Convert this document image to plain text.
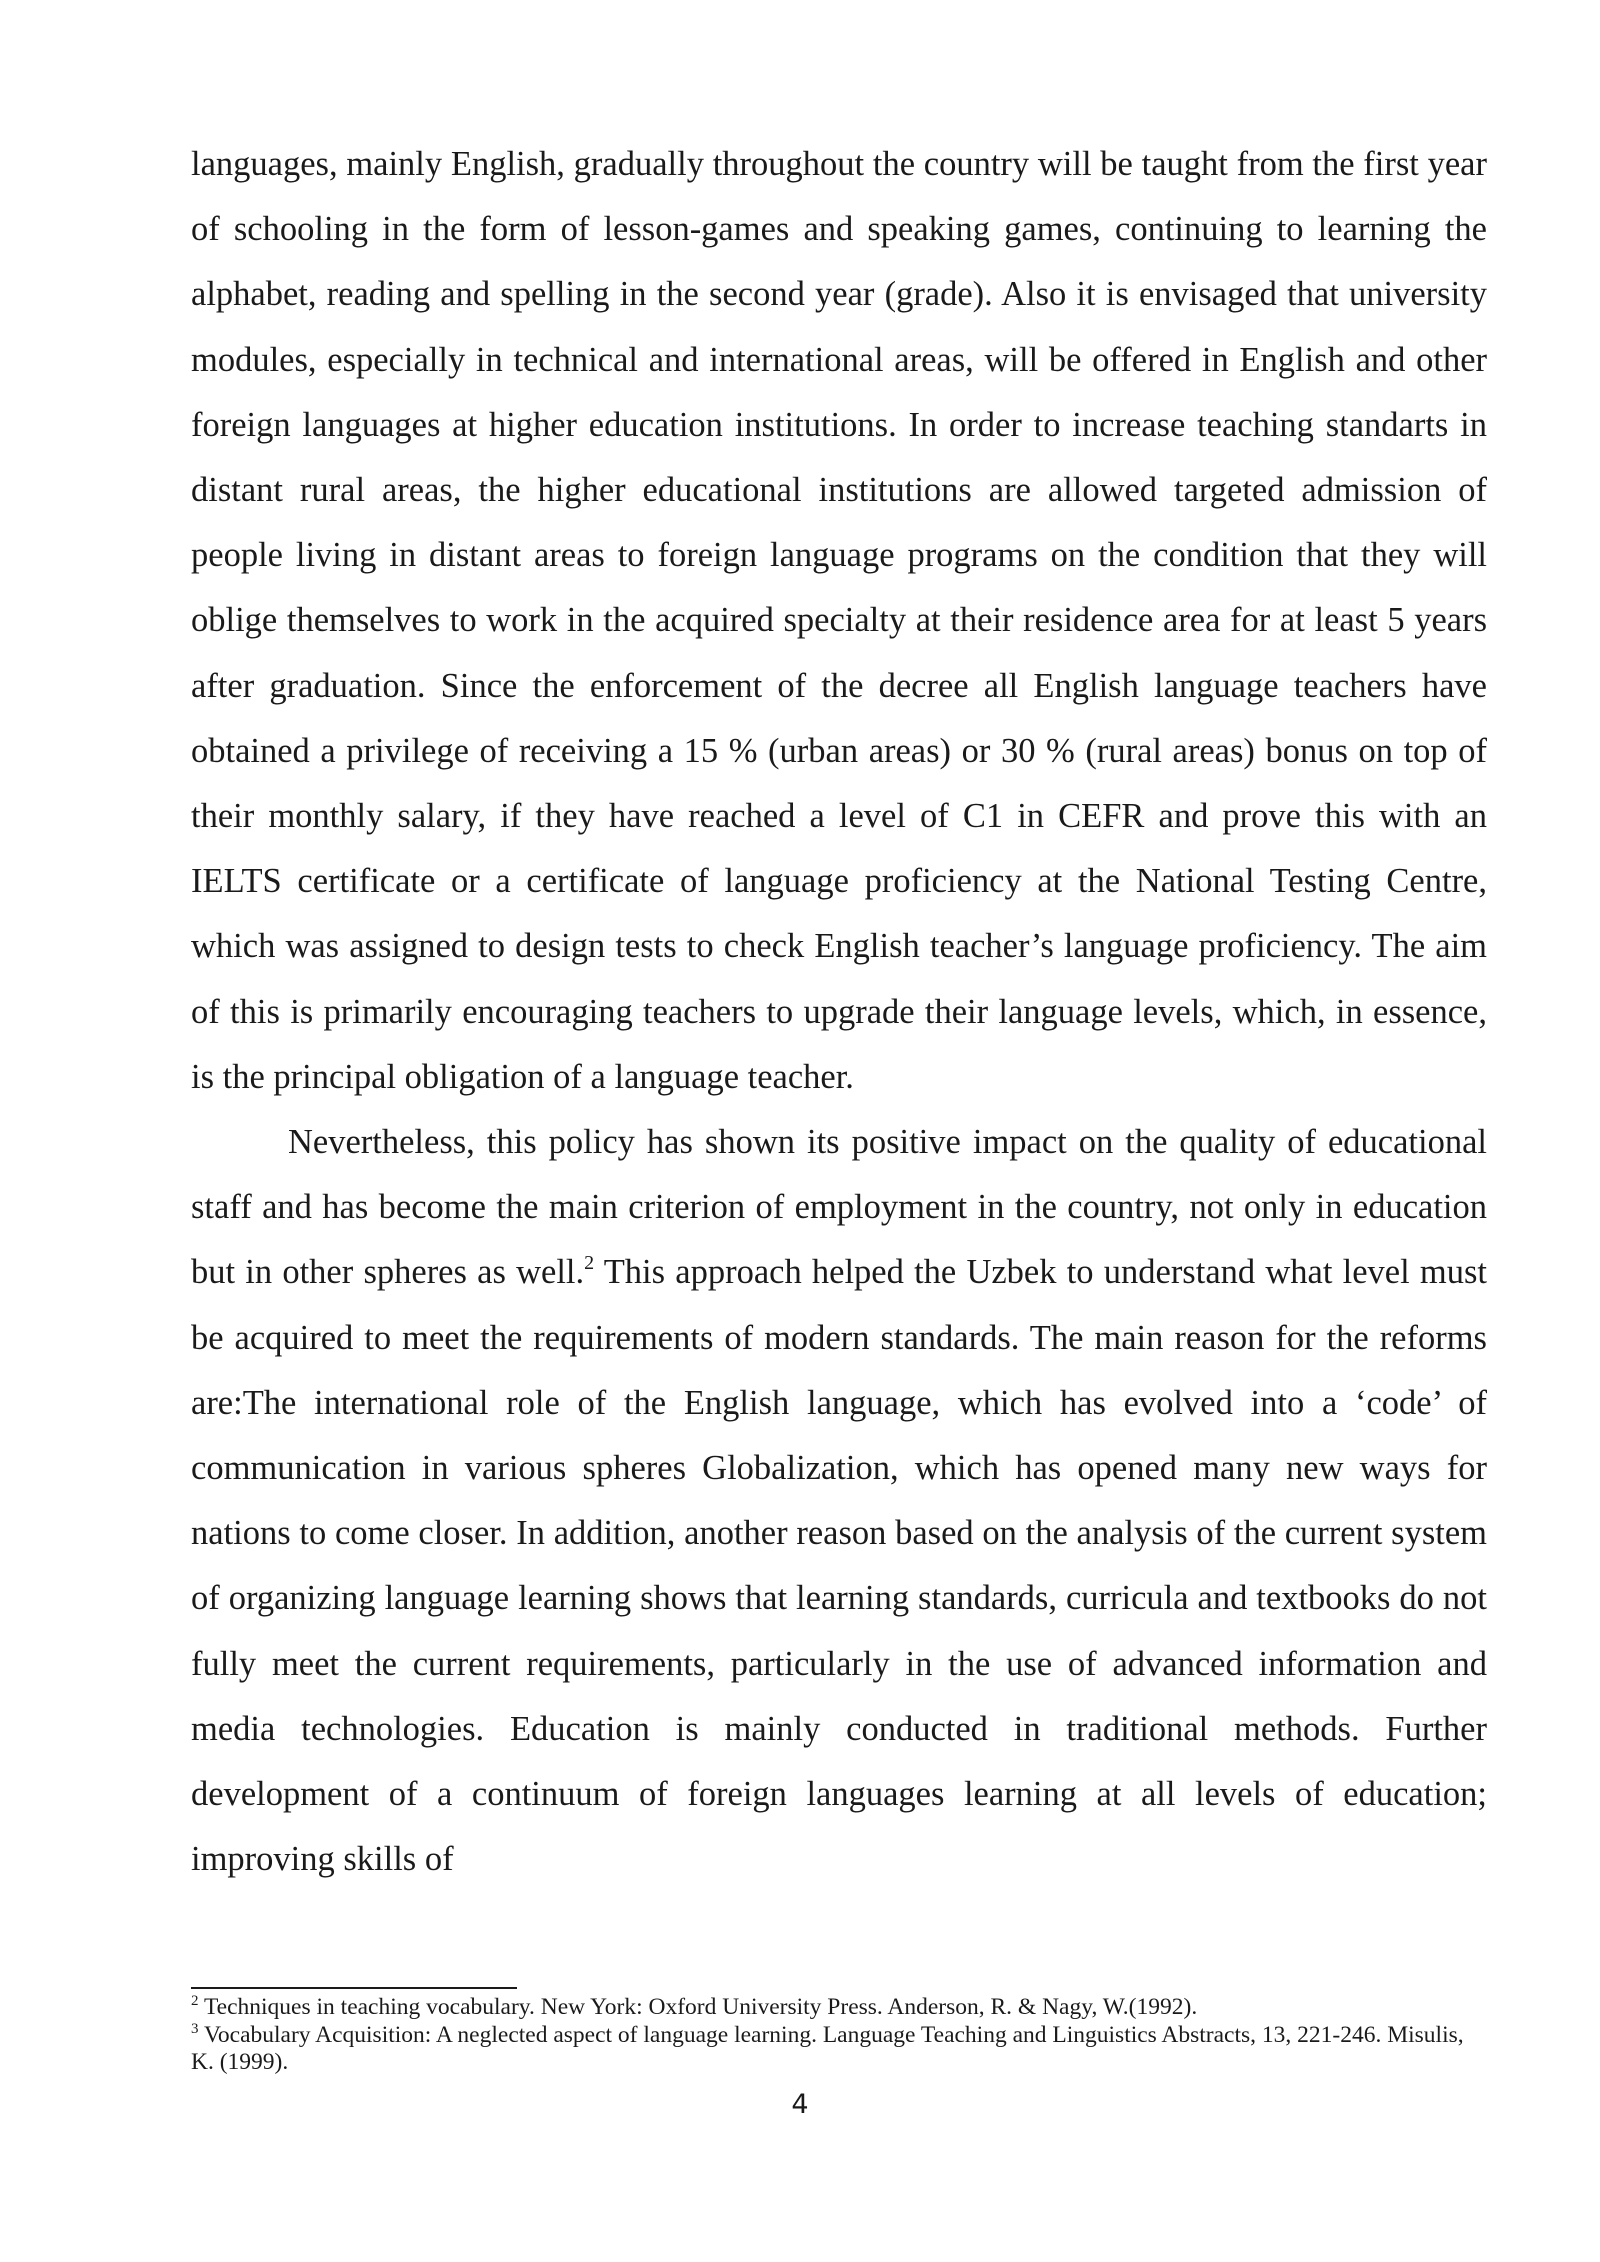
languages, mainly English, gradually throughout the country will be taught from the first year of schooling in the form of lesson-games and speaking games, continuing to learning the alphabet, reading and spelling in the second year (grade). Also it is envisaged that university modules, especially in technical and international areas, will be offered in English and other foreign languages at higher education institutions. In order to increase teaching standarts in distant rural areas, the higher educational institutions are allowed targeted admission of people living in distant areas to foreign language programs on the condition that they will oblige themselves to work in the acquired specialty at their residence area for at least 5 years after graduation. Since the enforcement of the decree all English language teachers have obtained a privilege of receiving a 15 % (urban areas) or 30 % (rural areas) bonus on top of their monthly salary, if they have reached a level of C1 in CEFR and prove this with an IELTS certificate or a certificate of language proficiency at the National Testing Centre, which was assigned to design tests to check English teacher’s language proficiency. The aim of this is primarily encouraging teachers to upgrade their language levels, which, in essence, is the principal obligation of a language teacher.

Nevertheless, this policy has shown its positive impact on the quality of educational staff and has become the main criterion of employment in the country, not only in education but in other spheres as well.$^2$ This approach helped the Uzbek to understand what level must be acquired to meet the requirements of modern standards. The main reason for the reforms are:The international role of the English language, which has evolved into a ‘code’ of communication in various spheres Globalization, which has opened many new ways for nations to come closer. In addition, another reason based on the analysis of the current system of organizing language learning shows that learning standards, curricula and textbooks do not fully meet the current requirements, particularly in the use of advanced information and media technologies. Education is mainly conducted in traditional methods. Further development of a continuum of foreign languages learning at all levels of education; improving skills of

$^2$ Techniques in teaching vocabulary. New York: Oxford University Press. Anderson, R. & Nagy, W.(1992).

$^3$ Vocabulary Acquisition: A neglected aspect of language learning. Language Teaching and Linguistics Abstracts, 13, 221-246. Misulis, K. (1999).

4
